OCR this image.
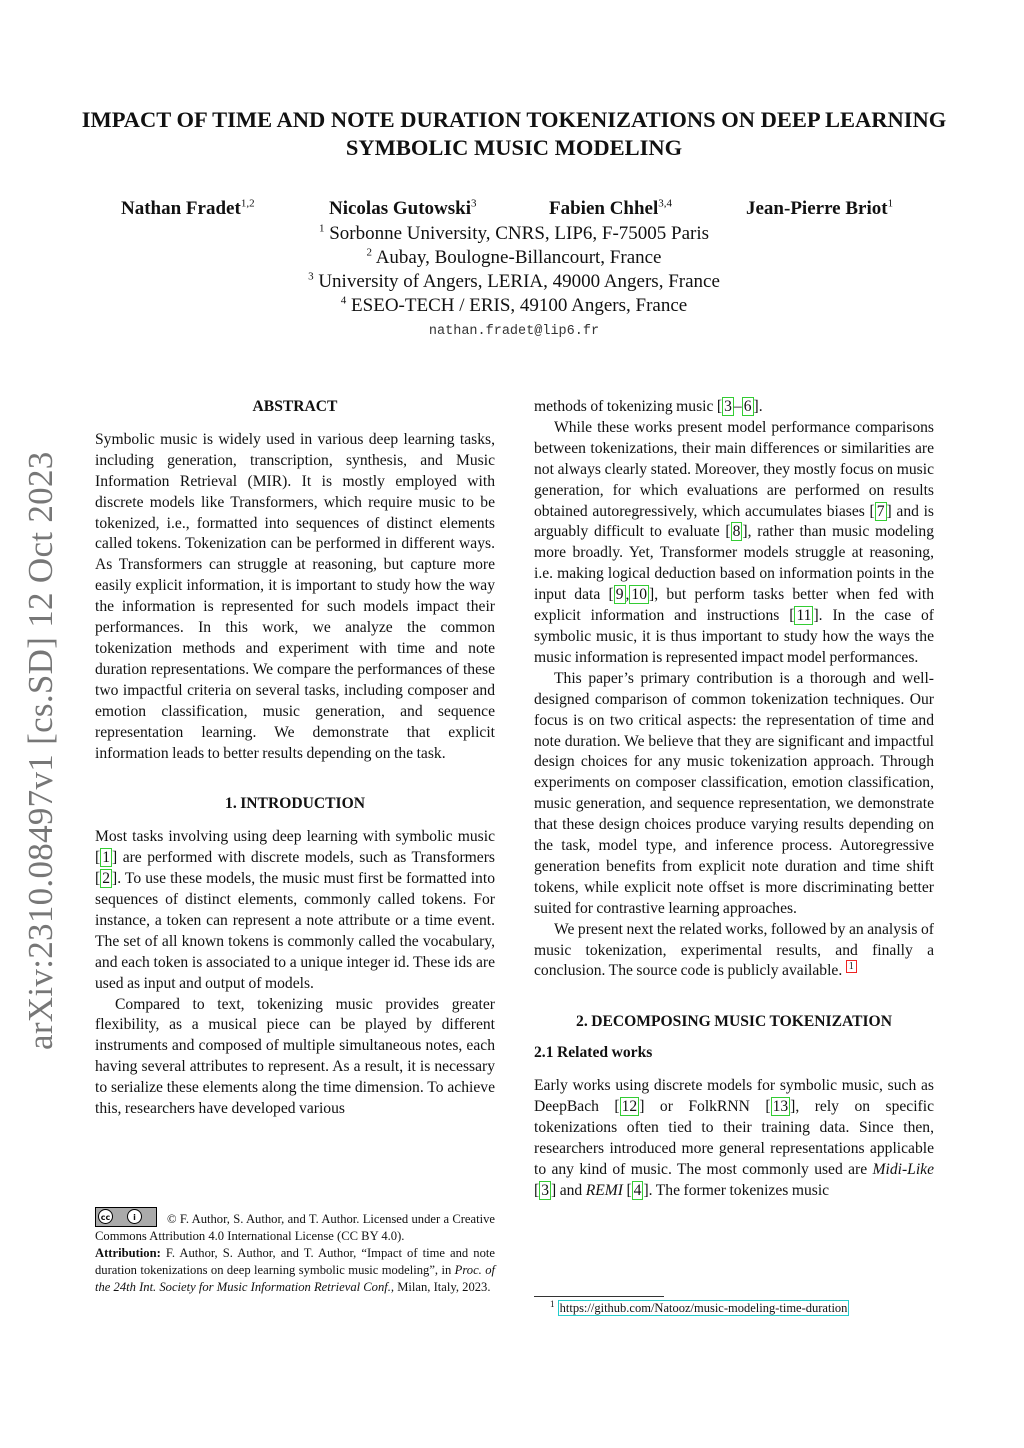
arXiv:2310.08497v1 [cs.SD] 12 Oct 2023
IMPACT OF TIME AND NOTE DURATION TOKENIZATIONS ON DEEP LEARNING SYMBOLIC MUSIC MODELING
Nathan Fradet$^{1,2}$	Nicolas Gutowski$^3$	Fabien Chhel$^{3,4}$	Jean-Pierre Briot$^1$
$^1$ Sorbonne University, CNRS, LIP6, F-75005 Paris
$^2$ Aubay, Boulogne-Billancourt, France
$^3$ University of Angers, LERIA, 49000 Angers, France
$^4$ ESEO-TECH / ERIS, 49100 Angers, France
nathan.fradet@lip6.fr
ABSTRACT

Symbolic music is widely used in various deep learning tasks, including generation, transcription, synthesis, and Music Information Retrieval (MIR). It is mostly employed with discrete models like Transformers, which require music to be tokenized, i.e., formatted into sequences of distinct elements called tokens. Tokenization can be performed in different ways. As Transformers can struggle at reasoning, but capture more easily explicit information, it is important to study how the way the information is represented for such models impact their performances. In this work, we analyze the common tokenization methods and experiment with time and note duration representations. We compare the performances of these two impactful criteria on several tasks, including composer and emotion classification, music generation, and sequence representation learning. We demonstrate that explicit information leads to better results depending on the task.

1. INTRODUCTION

Most tasks involving using deep learning with symbolic music [ 1 ] are performed with discrete models, such as Transformers [ 2 ]. To use these models, the music must first be formatted into sequences of distinct elements, commonly called tokens. For instance, a token can represent a note attribute or a time event. The set of all known tokens is commonly called the vocabulary, and each token is associated to a unique integer id. These ids are used as input and output of models.

Compared to text, tokenizing music provides greater flexibility, as a musical piece can be played by different instruments and composed of multiple simultaneous notes, each having several attributes to represent. As a result, it is necessary to serialize these elements along the time dimension. To achieve this, researchers have developed various

methods of tokenizing music [ 3 – 6 ].

While these works present model performance comparisons between tokenizations, their main differences or similarities are not always clearly stated. Moreover, they mostly focus on music generation, for which evaluations are performed on results obtained autoregressively, which accumulates biases [ 7 ] and is arguably difficult to evaluate [ 8 ], rather than music modeling more broadly. Yet, Transformer models struggle at reasoning, i.e. making logical deduction based on information points in the input data [ 9 , 10 ], but perform tasks better when fed with explicit information and instructions [ 11 ]. In the case of symbolic music, it is thus important to study how the ways the music information is represented impact model performances.

This paper’s primary contribution is a thorough and well-designed comparison of common tokenization techniques. Our focus is on two critical aspects: the representation of time and note duration. We believe that they are significant and impactful design choices for any music tokenization approach. Through experiments on composer classification, emotion classification, music generation, and sequence representation, we demonstrate that these design choices produce varying results depending on the task, model type, and inference process. Autoregressive generation benefits from explicit note duration and time shift tokens, while explicit note offset is more discriminating better suited for contrastive learning approaches.

We present next the related works, followed by an analysis of music tokenization, experimental results, and finally a conclusion. The source code is publicly available. $^1$

2. DECOMPOSING MUSIC TOKENIZATION
2.1 Related works

Early works using discrete models for symbolic music, such as DeepBach [ 12 ] or FolkRNN [ 13 ], rely on specific tokenizations often tied to their training data. Since then, researchers introduced more general representations applicable to any kind of music. The most commonly used are Midi-Like [ 3 ] and REMI [ 4 ]. The former tokenizes music

cc	i	© F. Author, S. Author, and T. Author. Licensed under a Creative Commons Attribution 4.0 International License (CC BY 4.0).
Attribution: F. Author, S. Author, and T. Author, “Impact of time and note duration tokenizations on deep learning symbolic music modeling”, in Proc. of the 24th Int. Society for Music Information Retrieval Conf., Milan, Italy, 2023.
$^1$ https://github.com/Natooz/music-modeling-time-duration
